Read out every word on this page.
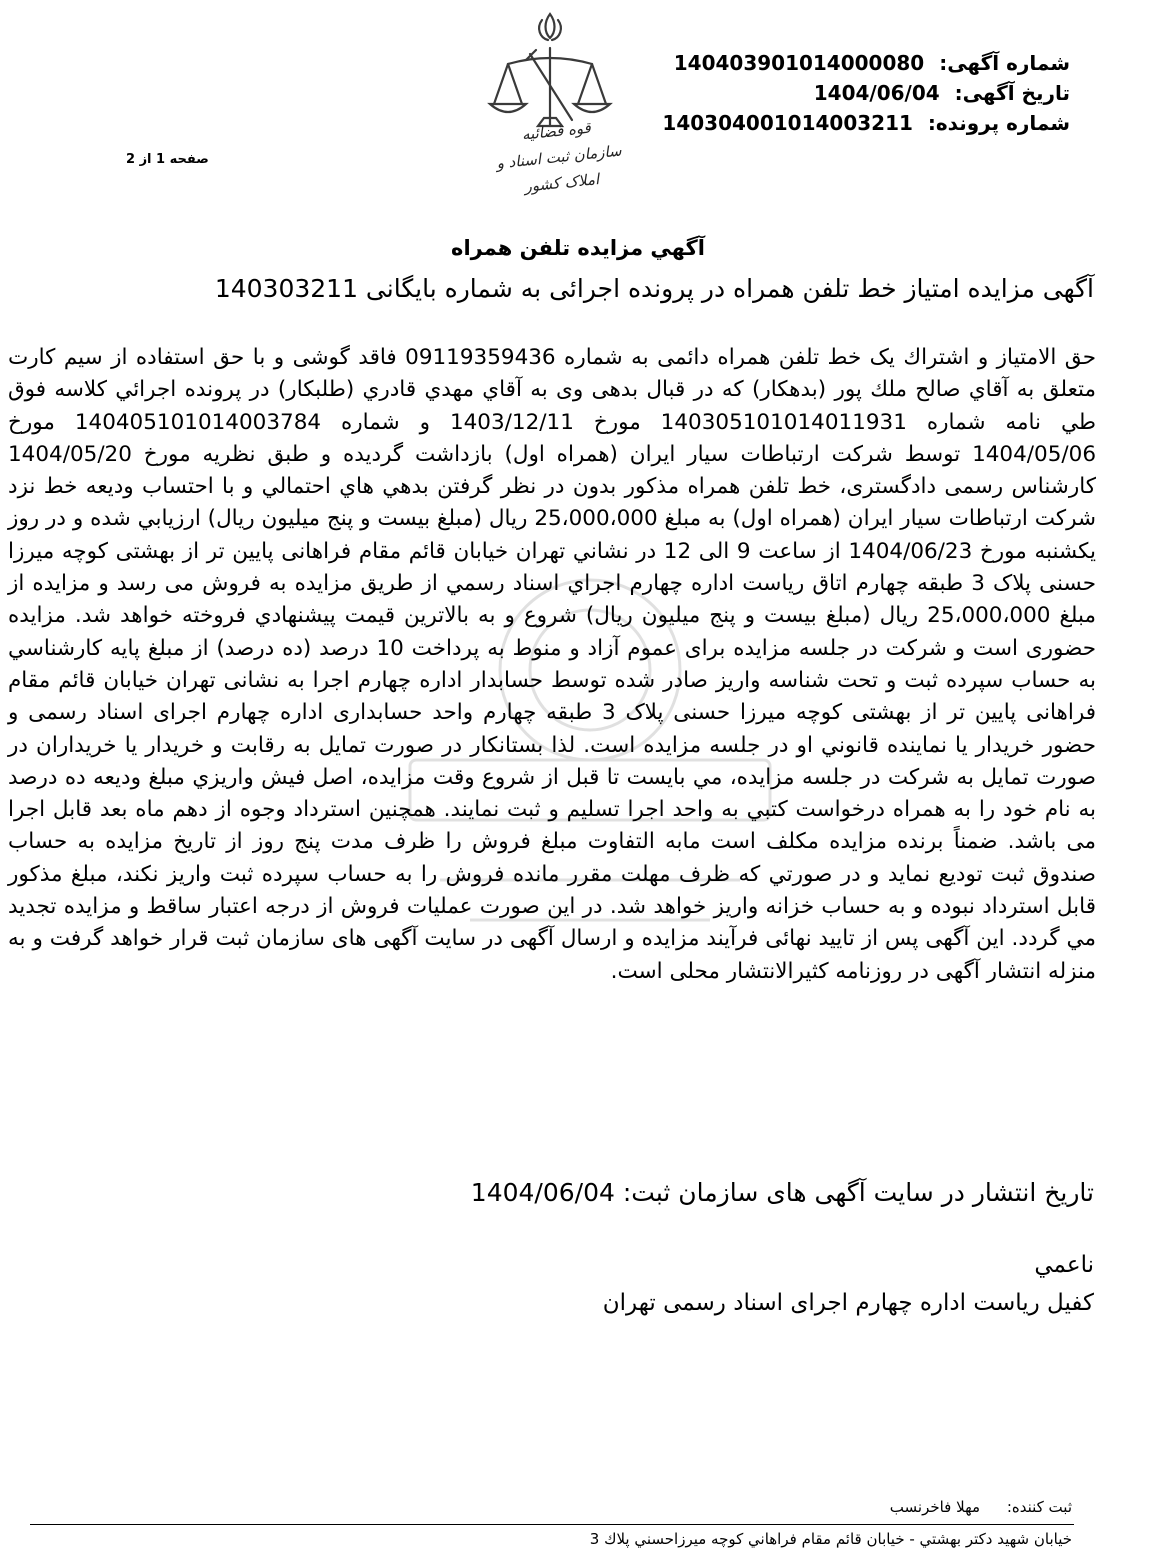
شماره آگهی: 14040390101400008​0
تاریخ آگهی: 1404/06/04
شماره پرونده: 140304001014003211
قوه قضائیه
سازمان ثبت اسناد و املاک کشور
صفحه 1 از 2
آگهي مزايده تلفن همراه
آگهی مزایده امتیاز خط تلفن همراه در پرونده اجرائی به شماره بایگانی 140303211
حق الامتیاز و اشتراك یک خط تلفن همراه دائمی به شماره 09119359436 فاقد گوشی و با حق استفاده از سیم کارت متعلق به آقاي صالح ملك پور (بدهكار) كه در قبال بدهی وی به آقاي مهدي قادري (طلبكار) در پرونده اجرائي كلاسه فوق طي نامه شماره 140305101014011931 مورخ 1403/12/11 و شماره 140405101014003784 مورخ 1404/05/06 توسط شرکت ارتباطات سیار ایران (همراه اول) بازداشت گردیده و طبق نظریه مورخ 1404/05/20 کارشناس رسمی دادگستری، خط تلفن همراه مذکور بدون در نظر گرفتن بدهي هاي احتمالي و با احتساب وديعه خط نزد شركت ارتباطات سيار ايران (همراه اول) به مبلغ 25،000،000 ریال (مبلغ بیست و پنج میلیون ریال) ارزيابي شده و در روز یکشنبه مورخ 1404/06/23 از ساعت 9 الی 12 در نشاني تهران خیابان قائم مقام فراهانی پایین تر از بهشتی کوچه میرزا حسنی پلاک 3 طبقه چهارم اتاق رياست اداره چهارم اجراي اسناد رسمي از طريق مزايده به فروش می رسد و مزايده از مبلغ 25،000،000 ریال (مبلغ بیست و پنج میلیون ریال) شروع و به بالاترين قيمت پيشنهادي فروخته خواهد شد. مزایده حضوری است و شرکت در جلسه مزایده برای عموم آزاد و منوط به پرداخت 10 درصد (ده درصد) از مبلغ پايه كارشناسي به حساب سپرده ثبت و تحت شناسه واریز صادر شده توسط حسابدار اداره چهارم اجرا به نشانی تهران خیابان قائم مقام فراهانی پایین تر از بهشتی کوچه میرزا حسنی پلاک 3 طبقه چهارم واحد حسابداری اداره چهارم اجرای اسناد رسمی و حضور خريدار يا نماينده قانوني او در جلسه مزايده است. لذا بستانكار در صورت تمايل به رقابت و خريدار يا خريداران در صورت تمايل به شركت در جلسه مزايده، مي بايست تا قبل از شروع وقت مزايده، اصل فيش واريزي مبلغ وديعه ده درصد به نام خود را به همراه درخواست كتبي به واحد اجرا تسليم و ثبت نمايند. همچنین استرداد وجوه از دهم ماه بعد قابل اجرا می باشد. ضمناً برنده مزایده مکلف است مابه التفاوت مبلغ فروش را ظرف مدت پنج روز از تاریخ مزایده به حساب صندوق ثبت توديع نمايد و در صورتي كه ظرف مهلت مقرر مانده فروش را به حساب سپرده ثبت واريز نكند، مبلغ مذكور قابل استرداد نبوده و به حساب خزانه واريز خواهد شد. در اين صورت عمليات فروش از درجه اعتبار ساقط و مزايده تجديد مي گردد. این آگهی پس از تایید نهائی فرآیند مزایده و ارسال آگهی در سایت آگهی های سازمان ثبت قرار خواهد گرفت و به منزله انتشار آگهی در روزنامه کثیرالانتشار محلی است.
تاریخ انتشار در سایت آگهی های سازمان ثبت: 1404/06/04
ناعمي
كفيل ریاست اداره چهارم اجرای اسناد رسمی تهران
ثبت كننده: مهلا فاخرنسب
خيابان شهيد دكتر بهشتي - خيابان قائم مقام فراهاني كوچه ميرزاحسني پلاك 3
